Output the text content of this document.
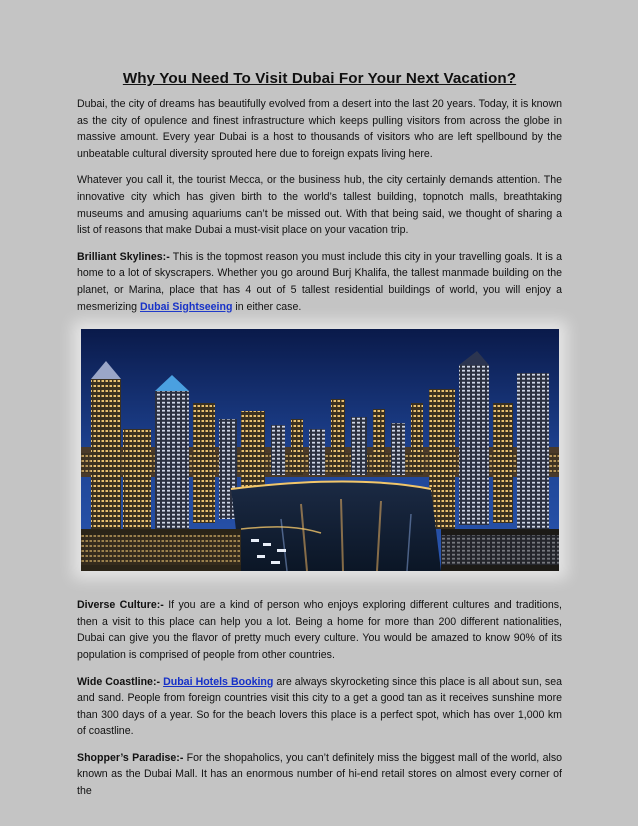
Why You Need To Visit Dubai For Your Next Vacation?

Dubai, the city of dreams has beautifully evolved from a desert into the last 20 years. Today, it is known as the city of opulence and finest infrastructure which keeps pulling visitors from across the globe in massive amount. Every year Dubai is a host to thousands of visitors who are left spellbound by the unbeatable cultural diversity sprouted here due to foreign expats living here.

Whatever you call it, the tourist Mecca, or the business hub, the city certainly demands attention. The innovative city which has given birth to the world’s tallest building, topnotch malls, breathtaking museums and amusing aquariums can’t be missed out. With that being said, we thought of sharing a list of reasons that make Dubai a must-visit place on your vacation trip.

Brilliant Skylines:- This is the topmost reason you must include this city in your travelling goals. It is a home to a lot of skyscrapers. Whether you go around Burj Khalifa, the tallest manmade building on the planet, or Marina, place that has 4 out of 5 tallest residential buildings of world, you will enjoy a mesmerizing Dubai Sightseeing in either case.

Diverse Culture:- If you are a kind of person who enjoys exploring different cultures and traditions, then a visit to this place can help you a lot. Being a home for more than 200 different nationalities, Dubai can give you the flavor of pretty much every culture. You would be amazed to know 90% of its population is comprised of people from other countries.

Wide Coastline:- Dubai Hotels Booking are always skyrocketing since this place is all about sun, sea and sand. People from foreign countries visit this city to a get a good tan as it receives sunshine more than 300 days of a year. So for the beach lovers this place is a perfect spot, which has over 1,000 km of coastline.

Shopper’s Paradise:- For the shopaholics, you can’t definitely miss the biggest mall of the world, also known as the Dubai Mall. It has an enormous number of hi-end retail stores on almost every corner of the
